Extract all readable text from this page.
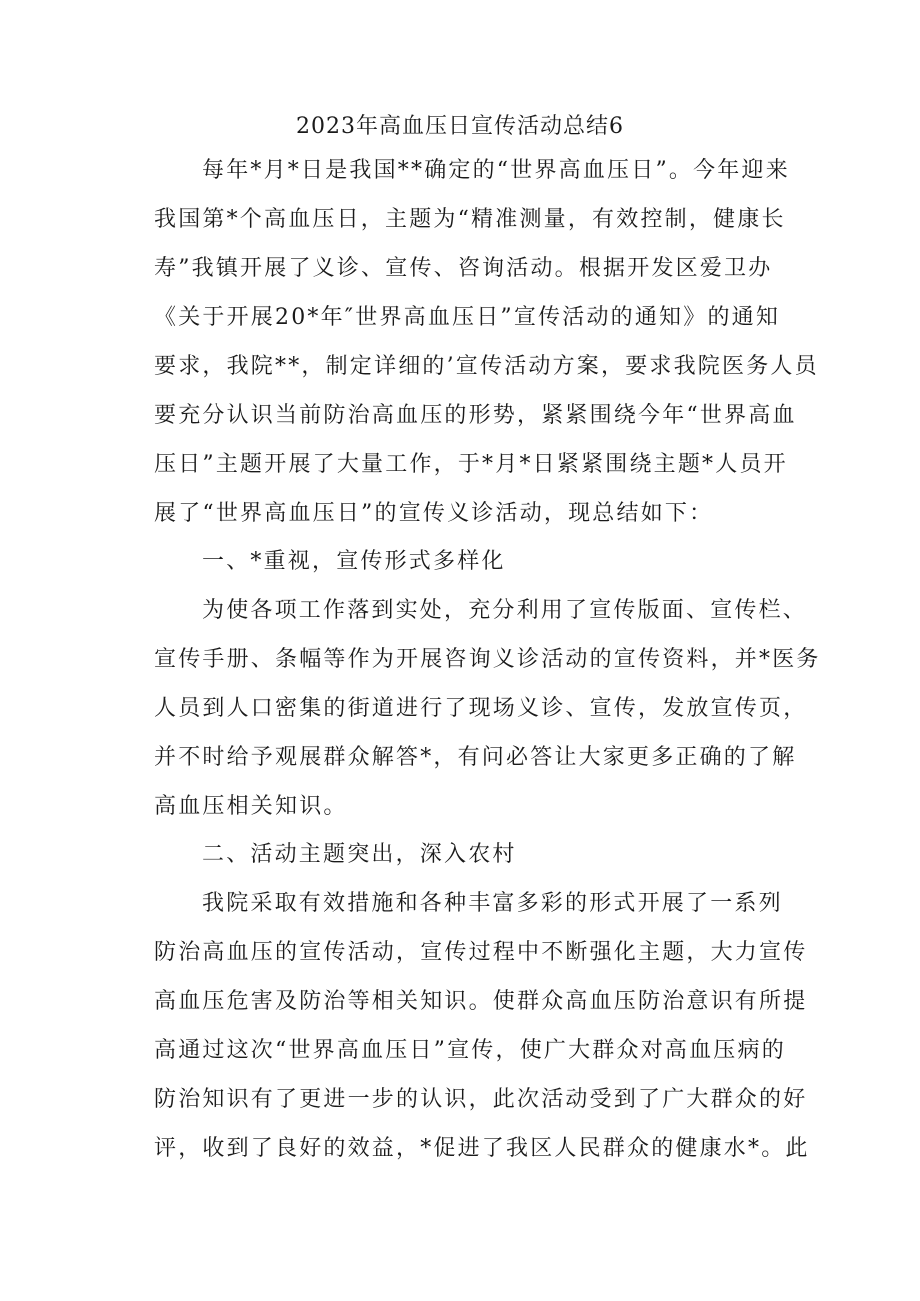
2023年高血压日宣传活动总结6
每年*月*日是我国**确定的“世界高血压日”。今年迎来
我国第*个高血压日，主题为“精准测量，有效控制，健康长
寿”我镇开展了义诊、宣传、咨询活动。根据开发区爱卫办
《关于开展20*年″世界高血压日”宣传活动的通知》的通知
要求，我院**，制定详细的’宣传活动方案，要求我院医务人员
要充分认识当前防治高血压的形势，紧紧围绕今年“世界高血
压日”主题开展了大量工作，于*月*日紧紧围绕主题*人员开
展了“世界高血压日”的宣传义诊活动，现总结如下：
一、*重视，宣传形式多样化
为使各项工作落到实处，充分利用了宣传版面、宣传栏、
宣传手册、条幅等作为开展咨询义诊活动的宣传资料，并*医务
人员到人口密集的街道进行了现场义诊、宣传，发放宣传页，
并不时给予观展群众解答*，有问必答让大家更多正确的了解
高血压相关知识。
二、活动主题突出，深入农村
我院采取有效措施和各种丰富多彩的形式开展了一系列
防治高血压的宣传活动，宣传过程中不断强化主题，大力宣传
高血压危害及防治等相关知识。使群众高血压防治意识有所提
高通过这次“世界高血压日”宣传，使广大群众对高血压病的
防治知识有了更进一步的认识，此次活动受到了广大群众的好
评，收到了良好的效益，*促进了我区人民群众的健康水*。此
